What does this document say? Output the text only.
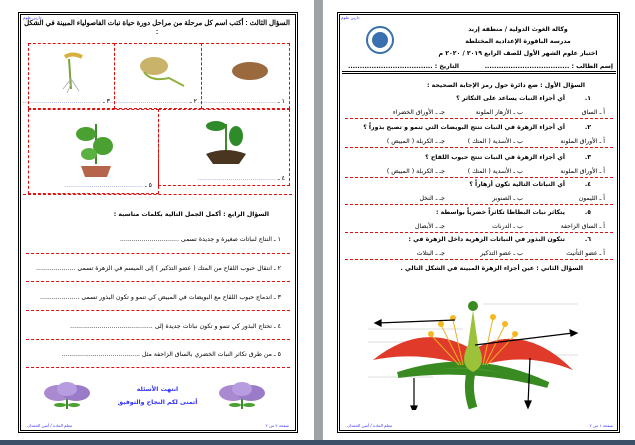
دارين علوم
السؤال الثالث : أكتب اسم كل مرحلة من مراحل دورة حياة نبات الفاصولياء المبينة في الشكل :
١ ـ ........................................
٢ ـ ........................................
٣ ـ ........................................
٤ ـ ........................................
٥ ـ ........................................
السؤال الرابع : أكمل الجمل التالية بكلمات مناسبة :
١ ـ النتاج لنباتات صغيرة و جديدة تسمى ..............................
٢ ـ انتقال حبوب اللقاح من المتك ( عضو التذكير ) إلى الميسم في الزهرة تسمى ....................
٣ ـ اندماج حبوب اللقاح مع البويضات في المبيض كي تنمو و تكون البذور تسمى ....................
٤ ـ تحتاج البذور كي تنمو و تكون نباتات جديدة إلى ..........................................
٥ ـ من طرق تكاثر النبات الخضري بالساق الزاحفة مثل ........................................
انتهت الأسئلة
أتمنى لكم النجاح والتوفيق
معلم المادة / أمين الحمدان	صفحة ٢ من ٢
دارين علوم
وكالة الغوث الدولية / منطقة إربد
مدرسة الباقورة الإعدادية المختلطة
اختبار علوم الشهر الأول للصف الرابع ٢٠١٩ / ٢٠٢٠ م
إسم الطالب : ....................................
التاريخ : ....................................
السؤال الأول : ضع دائرة حول رمز الإجابة الصحيحة :
١.
أي أجزاء النبات يساعد على التكاثر ؟
أ ـ الساق
ب ـ الأزهار الملونة
جـ ـ الأوراق الخضراء
٢.
أي أجزاء الزهرة في النبات تنتج البويضات التي تنمو و تصبح بذوراً ؟
أ ـ الأوراق الملونة
ب ـ الأسدية ( المتك )
جـ ـ الكربلة ( المبيض )
٣.
أي أجزاء الزهرة في النبات تنتج حبوب اللقاح ؟
أ ـ الأوراق الملونة
ب ـ الأسدية ( المتك )
جـ ـ الكربلة ( المبيض )
٤.
أي النباتات التالية تكون أزهاراً ؟
أ ـ الليمون
ب ـ الصنوبر
جـ ـ النخل
٥.
يتكاثر نبات البطاطا تكاثراً خضرياً بواسطة :
أ ـ الساق الزاحفة
ب ـ الدرنات
جـ ـ الأبصال
٦.
تتكون البذور في النباتات الزهرية داخل الزهرة في :
أ ـ عضو التأنيث
ب ـ عضو التذكير
جـ ـ البتلات
السؤال الثاني : عين أجزاء الزهرة المبينة في الشكل التالي .
معلم المادة / أمين الحمدان	صفحة ١ من ٢
